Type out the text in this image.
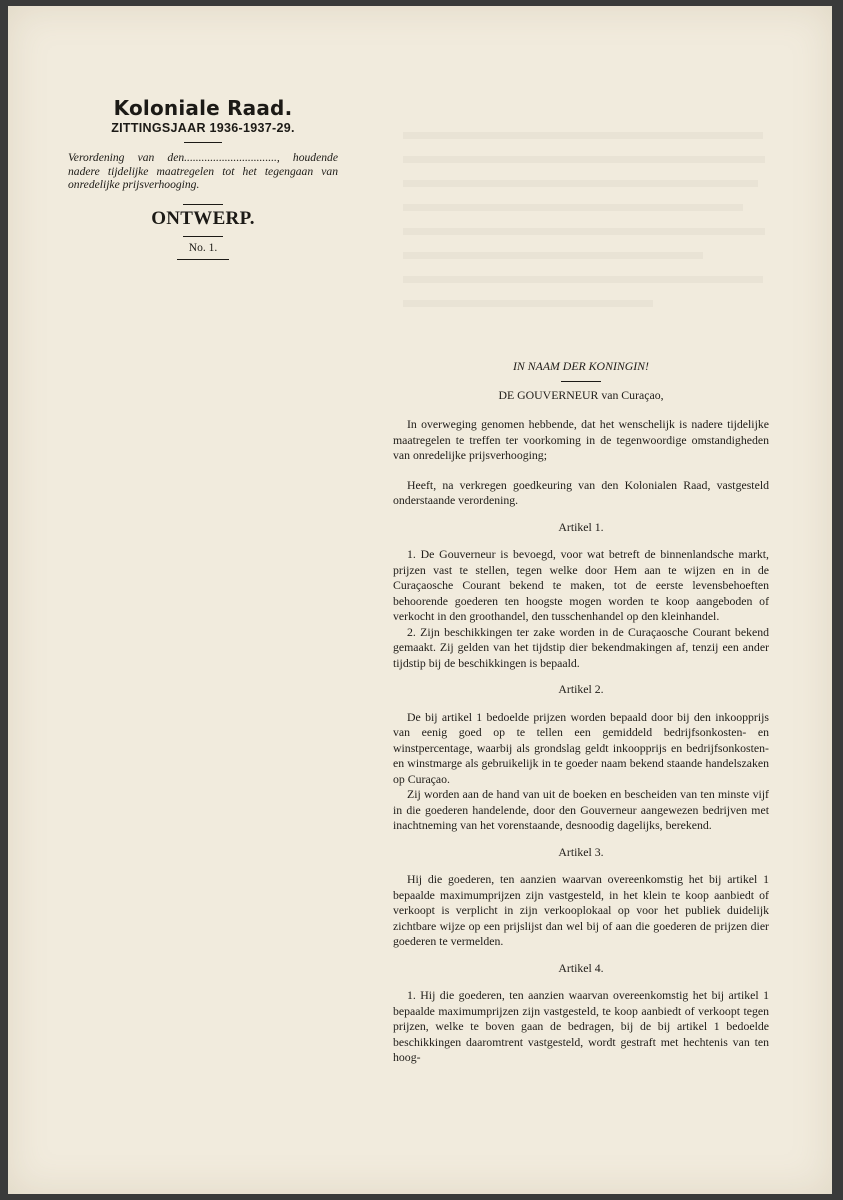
Koloniale Raad.
ZITTINGSJAAR 1936-1937-29.
Verordening van den................................, houdende nadere tijdelijke maatregelen tot het tegengaan van onredelijke prijsverhooging.
ONTWERP.
No. 1.
IN NAAM DER KONINGIN!
DE GOUVERNEUR van Curaçao,

In overweging genomen hebbende, dat het wenschelijk is nadere tijdelijke maatregelen te treffen ter voorkoming in de tegenwoordige omstandigheden van onredelijke prijsverhooging;

Heeft, na verkregen goedkeuring van den Kolonialen Raad, vastgesteld onderstaande verordening.

Artikel 1.

1. De Gouverneur is bevoegd, voor wat betreft de binnenlandsche markt, prijzen vast te stellen, tegen welke door Hem aan te wijzen en in de Curaçaosche Courant bekend te maken, tot de eerste levensbehoeften behoorende goederen ten hoogste mogen worden te koop aangeboden of verkocht in den groothandel, den tusschenhandel op den kleinhandel.

2. Zijn beschikkingen ter zake worden in de Curaçaosche Courant bekend gemaakt. Zij gelden van het tijdstip dier bekendmakingen af, tenzij een ander tijdstip bij de beschikkingen is bepaald.

Artikel 2.

De bij artikel 1 bedoelde prijzen worden bepaald door bij den inkoopprijs van eenig goed op te tellen een gemiddeld bedrijfsonkosten- en winstpercentage, waarbij als grondslag geldt inkoopprijs en bedrijfsonkosten- en winstmarge als gebruikelijk in te goeder naam bekend staande handelszaken op Curaçao.

Zij worden aan de hand van uit de boeken en bescheiden van ten minste vijf in die goederen handelende, door den Gouverneur aangewezen bedrijven met inachtneming van het vorenstaande, desnoodig dagelijks, berekend.

Artikel 3.

Hij die goederen, ten aanzien waarvan overeenkomstig het bij artikel 1 bepaalde maximumprijzen zijn vastgesteld, in het klein te koop aanbiedt of verkoopt is verplicht in zijn verkooplokaal op voor het publiek duidelijk zichtbare wijze op een prijslijst dan wel bij of aan die goederen de prijzen dier goederen te vermelden.

Artikel 4.

1. Hij die goederen, ten aanzien waarvan overeenkomstig het bij artikel 1 bepaalde maximumprijzen zijn vastgesteld, te koop aanbiedt of verkoopt tegen prijzen, welke te boven gaan de bedragen, bij de bij artikel 1 bedoelde beschikkingen daaromtrent vastgesteld, wordt gestraft met hechtenis van ten hoog-
